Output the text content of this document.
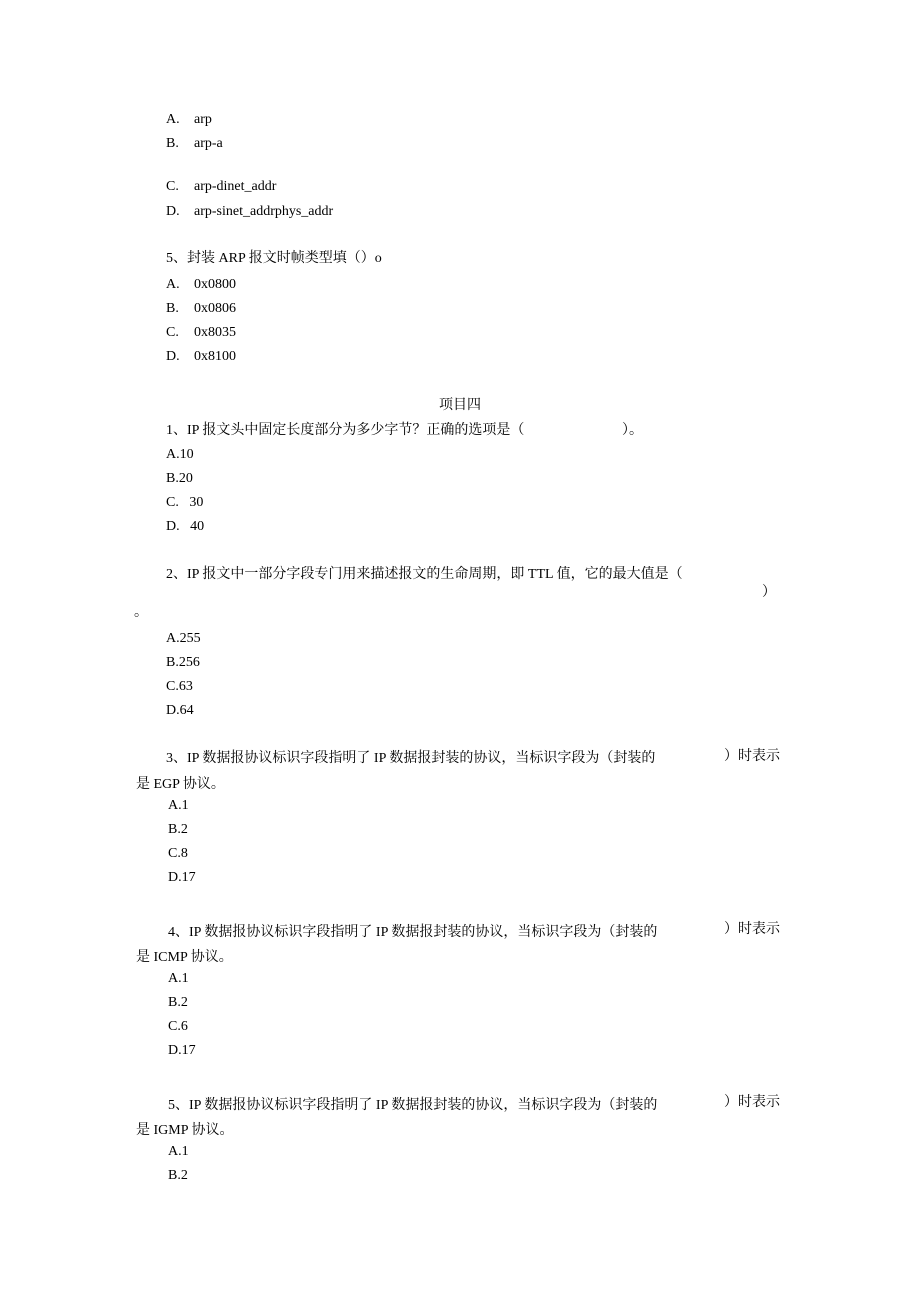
A. arp
B. arp-a
C. arp-dinet_addr
D. arp-sinet_addrphys_addr
5、封装 ARP 报文时帧类型填（）o
A. 0x0800
B. 0x0806
C. 0x8035
D. 0x8100
项目四
1、IP 报文头中固定长度部分为多少字节？正确的选项是（	）。
A.10
B.20
C.   30
D.   40
2、IP 报文中一部分字段专门用来描述报文的生命周期，即 TTL 值，它的最大值是（
）
。
A.255
B.256
C.63
D.64
3、IP 数据报协议标识字段指明了 IP 数据报封装的协议，当标识字段为（封装的	）时表示
是 EGP 协议。
A.1
B.2
C.8
D.17
4、IP 数据报协议标识字段指明了 IP 数据报封装的协议，当标识字段为（封装的	）时表示
是 ICMP 协议。
A.1
B.2
C.6
D.17
5、IP 数据报协议标识字段指明了 IP 数据报封装的协议，当标识字段为（封装的	）时表示
是 IGMP 协议。
A.1
B.2
